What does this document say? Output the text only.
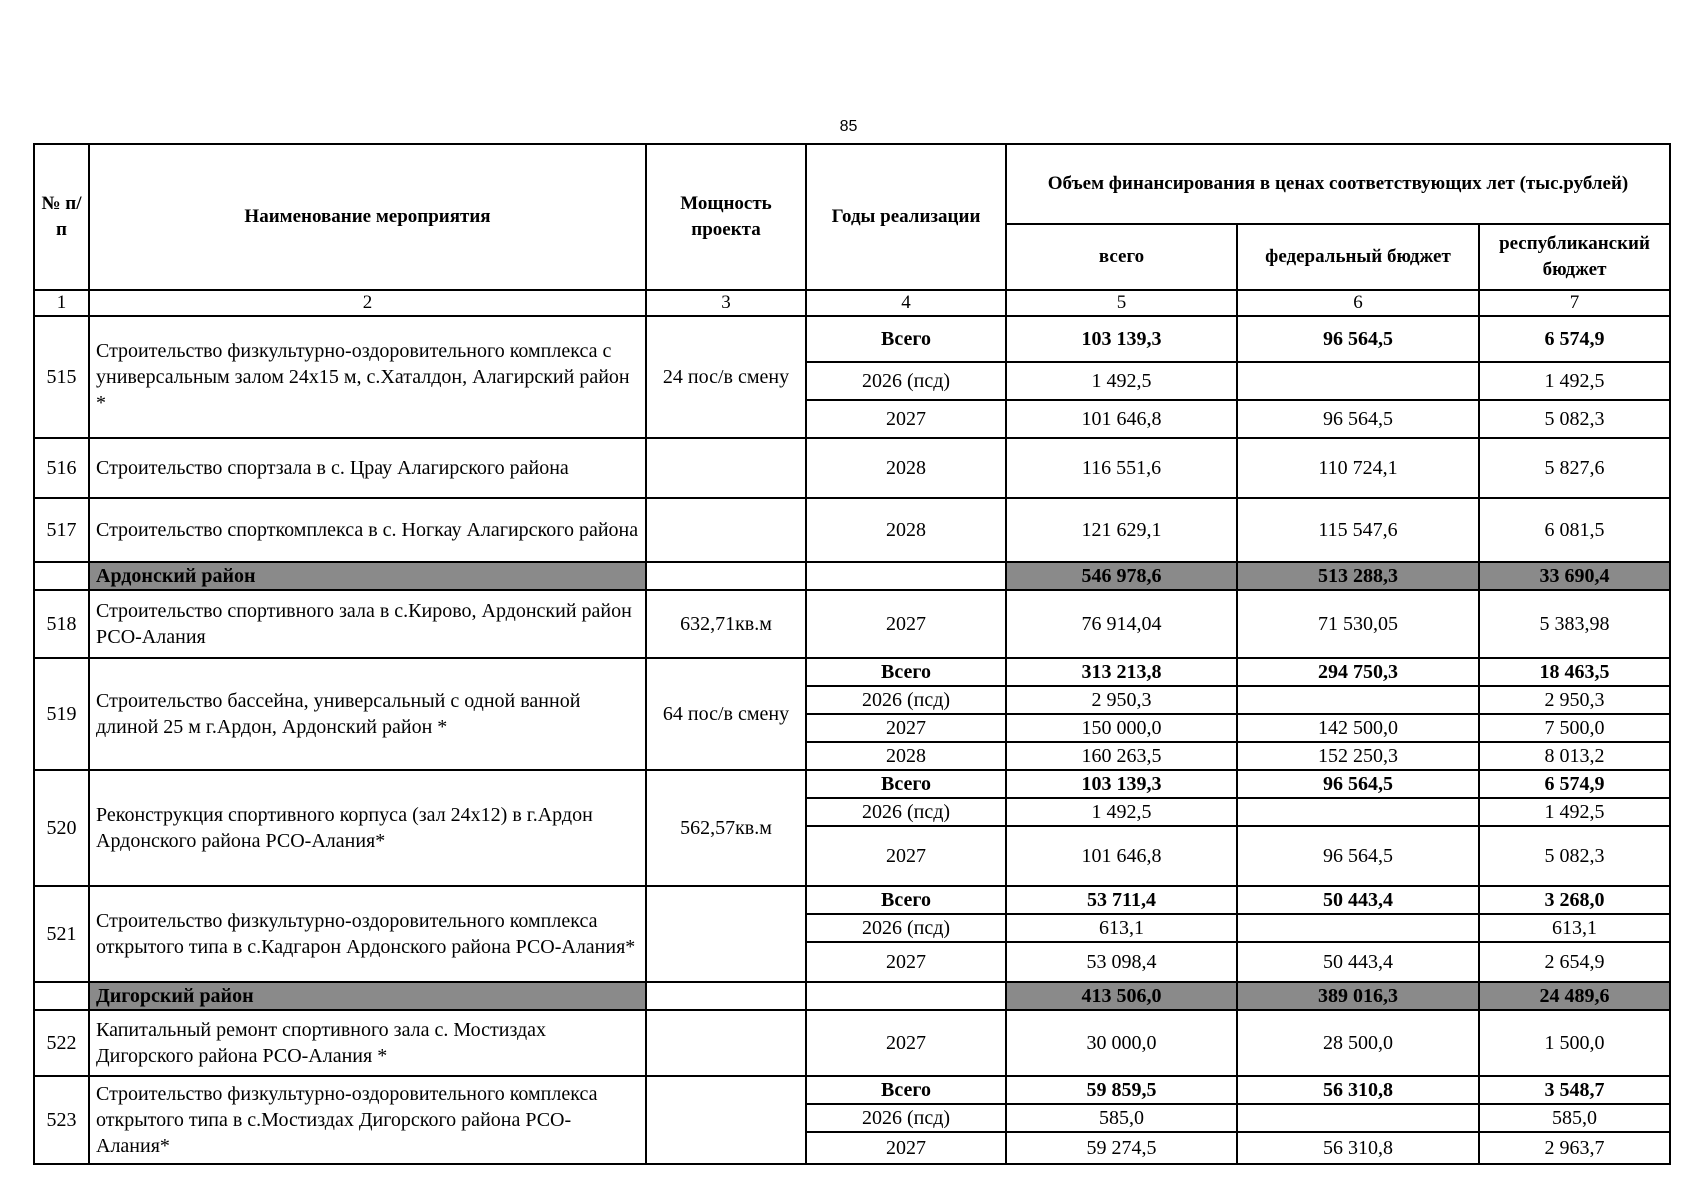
85
№ п/п	Наименование мероприятия	Мощность проекта	Годы реализации	Объем финансирования в ценах соответствующих лет (тыс.рублей)		
				всего	федеральный бюджет	республиканский бюджет
1	2	3	4	5	6	7
515	Строительство физкультурно-оздоровительного комплекса с универсальным залом 24х15 м, с.Хаталдон, Алагирский район *	24 пос/в смену	Всего	103 139,3	96 564,5	6 574,9
			2026 (псд)	1 492,5		1 492,5
			2027	101 646,8	96 564,5	5 082,3
516	Строительство спортзала в с. Црау Алагирского района		2028	116 551,6	110 724,1	5 827,6
517	Строительство спорткомплекса в с. Ногкау Алагирского района		2028	121 629,1	115 547,6	6 081,5
	Ардонский район			546 978,6	513 288,3	33 690,4
518	Строительство спортивного зала в с.Кирово, Ардонский район РСО-Алания	632,71кв.м	2027	76 914,04	71 530,05	5 383,98
519	Строительство бассейна, универсальный с одной ванной длиной 25 м г.Ардон, Ардонский район *	64 пос/в смену	Всего	313 213,8	294 750,3	18 463,5
			2026 (псд)	2 950,3		2 950,3
			2027	150 000,0	142 500,0	7 500,0
			2028	160 263,5	152 250,3	8 013,2
520	Реконструкция спортивного корпуса (зал 24х12) в г.Ардон Ардонского района РСО-Алания*	562,57кв.м	Всего	103 139,3	96 564,5	6 574,9
			2026 (псд)	1 492,5		1 492,5
			2027	101 646,8	96 564,5	5 082,3
521	Строительство физкультурно-оздоровительного комплекса открытого типа в с.Кадгарон Ардонского района РСО-Алания*		Всего	53 711,4	50 443,4	3 268,0
			2026 (псд)	613,1		613,1
			2027	53 098,4	50 443,4	2 654,9
	Дигорский район			413 506,0	389 016,3	24 489,6
522	Капитальный ремонт спортивного зала с. Мостиздах Дигорского района РСО-Алания *		2027	30 000,0	28 500,0	1 500,0
523	Строительство физкультурно-оздоровительного комплекса открытого типа в с.Мостиздах Дигорского района РСО-Алания*		Всего	59 859,5	56 310,8	3 548,7
			2026 (псд)	585,0		585,0
			2027	59 274,5	56 310,8	2 963,7
